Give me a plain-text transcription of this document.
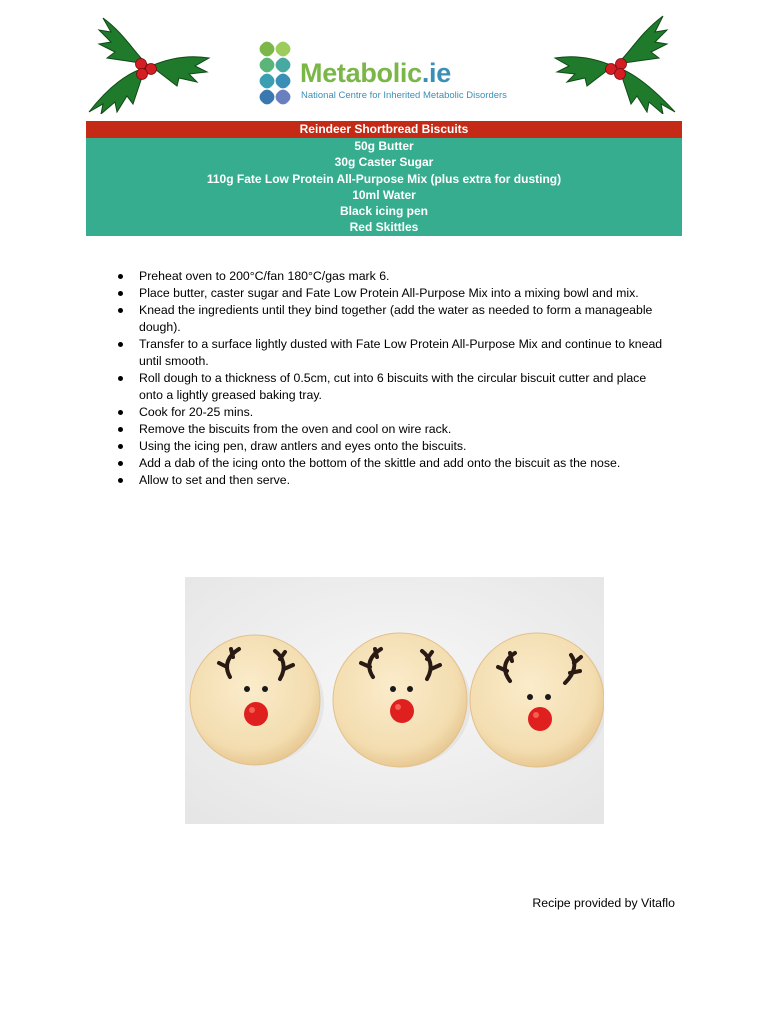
Metabolic.ie
National Centre for Inherited Metabolic Disorders
Reindeer Shortbread Biscuits
50g Butter
30g Caster Sugar
110g Fate Low Protein All-Purpose Mix (plus extra for dusting)
10ml Water
Black icing pen
Red Skittles
Preheat oven to 200°C/fan 180°C/gas mark 6.
Place butter, caster sugar and Fate Low Protein All-Purpose Mix into a mixing bowl and mix.
Knead the ingredients until they bind together (add the water as needed to form a manageable dough).
Transfer to a surface lightly dusted with Fate Low Protein All-Purpose Mix and continue to knead until smooth.
Roll dough to a thickness of 0.5cm, cut into 6 biscuits with the circular biscuit cutter and place onto a lightly greased baking tray.
Cook for 20-25 mins.
Remove the biscuits from the oven and cool on wire rack.
Using the icing pen, draw antlers and eyes onto the biscuits.
Add a dab of the icing onto the bottom of the skittle and add onto the biscuit as the nose.
Allow to set and then serve.
Recipe provided by Vitaflo
